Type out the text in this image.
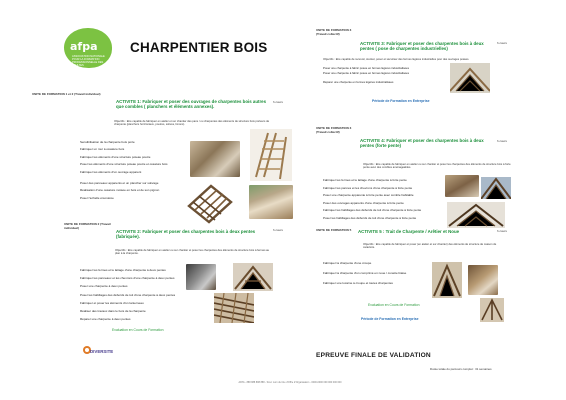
afpa
ASSOCIATION NATIONALE POUR LA FORMATION PROFESSIONNELLE DES ADULTES
CHARPENTIER BOIS
UNITE DE FORMATION 1 et 2 (Travail individuel)
ACTIVITE 1: Fabriquer et poser des ouvrages de charpentes bois autres que combles ( planchers et éléments annexes).
h cours
Objectifs : Etre capable de fabriquer en atelier et sur chantier des pans / ou charpentes des éléments de structure bois porteurs de charpente (planchers horizontaux, poutres, solives, limons).
Sensibilisation de la charpente bois porte
Fabriquer un mur à ossature bois
Fabriquer les éléments d'une structure poteau poutre
Poser les éléments d'une structure poteau poutre et ossature bois
Fabriquer les éléments d'un ouvrage apparent
Poser des panneaux apparents et un plancher sur solivage
Réalisation d'une ossature moisée en bois et de son pignon
Poser l'échelle énumérée
UNITE DE FORMATION 2 (Travail individuel)
ACTIVITE 2: Fabriquer et poser des charpentes bois à deux pentes (fabriquée).
h cours
Objectifs : Etre capable de fabriquer en atelier ou sur chantier et poser les charpentes des éléments de structure bois à fermes au plan à la charpente.
Fabriquer les fermes et le lattage d'une charpente à deux pentes
Fabriquer les panneaux et les chevrons d'une charpente à deux pentes
Poser une charpente à deux pentes
Poser les habillages des débords de toit d'une charpente à deux pentes
Fabriquer et poser les éléments d'un lanterneau
Réaliser des travaux dans le bois de la charpente
Réparer une charpente à deux pentes
Evaluation en Cours de Formation
DIVERSITE
UNITE DE FORMATION 3 (Travail collectif)
ACTIVITE 3: Fabriquer et poser des charpentes bois à deux pentes ( pose de charpentes industrielles)
h cours
Objectifs : Etre capable de recevoir, stocker, poser et sécuriser des fermes légères industrielles pour des ouvrages posées.
Poser une charpente à fabric posée en fermes légères industrialisées
Poser une charpente à fabric posée en fermes légères industrialisées
Réparer une charpente en fermes légères industrialisées
Période de Formation en Entreprise
UNITE DE FORMATION 3 (Travail collectif)
ACTIVITE 4: Fabriquer et poser des charpentes bois à deux pentes (forte pente)
h cours
Objectifs : Etre capable de fabriquer en atelier ou sur chantier et poser les charpentes des éléments de structure bois à forte pente avec des combles aménageables.
Fabriquer les fermes et le lattage d'une charpente à forte pente
Fabriquer les pannes et les chevrons d'une charpente à forte pente
Poser une charpente apparente à forte pente avec comble habitable
Poser des ouvrages apparents d'une charpente à forte pente
Fabriquer les habillages des débords de toit d'une charpente à forte pente
Poser les habillages des débords de toit d'une charpente à forte pente
UNITE DE FORMATION 5	ACTIVITE 5 : Trait de Charpente / Arêtier et Noue	h cours
Objectifs : Etre capable de fabriquer et poser (en atelier et sur chantier) des éléments de structure de maison de caractère.
Fabriquer la charpente d'une croupe
Fabriquer la charpente d'un comprimé en noue / cunette biaise
Fabriquer une lucarne à croupe et toutes charpentes
Evaluation en Cours de Formation
Période de Formation en Entreprise
EPREUVE FINALE DE VALIDATION
Durée totale du parcours complet : 31 semaines
AFPA - 888 888 888 888 - Siret: nom du titre d'Offre d'Organisation - 0000-0000 000 000 000 000
